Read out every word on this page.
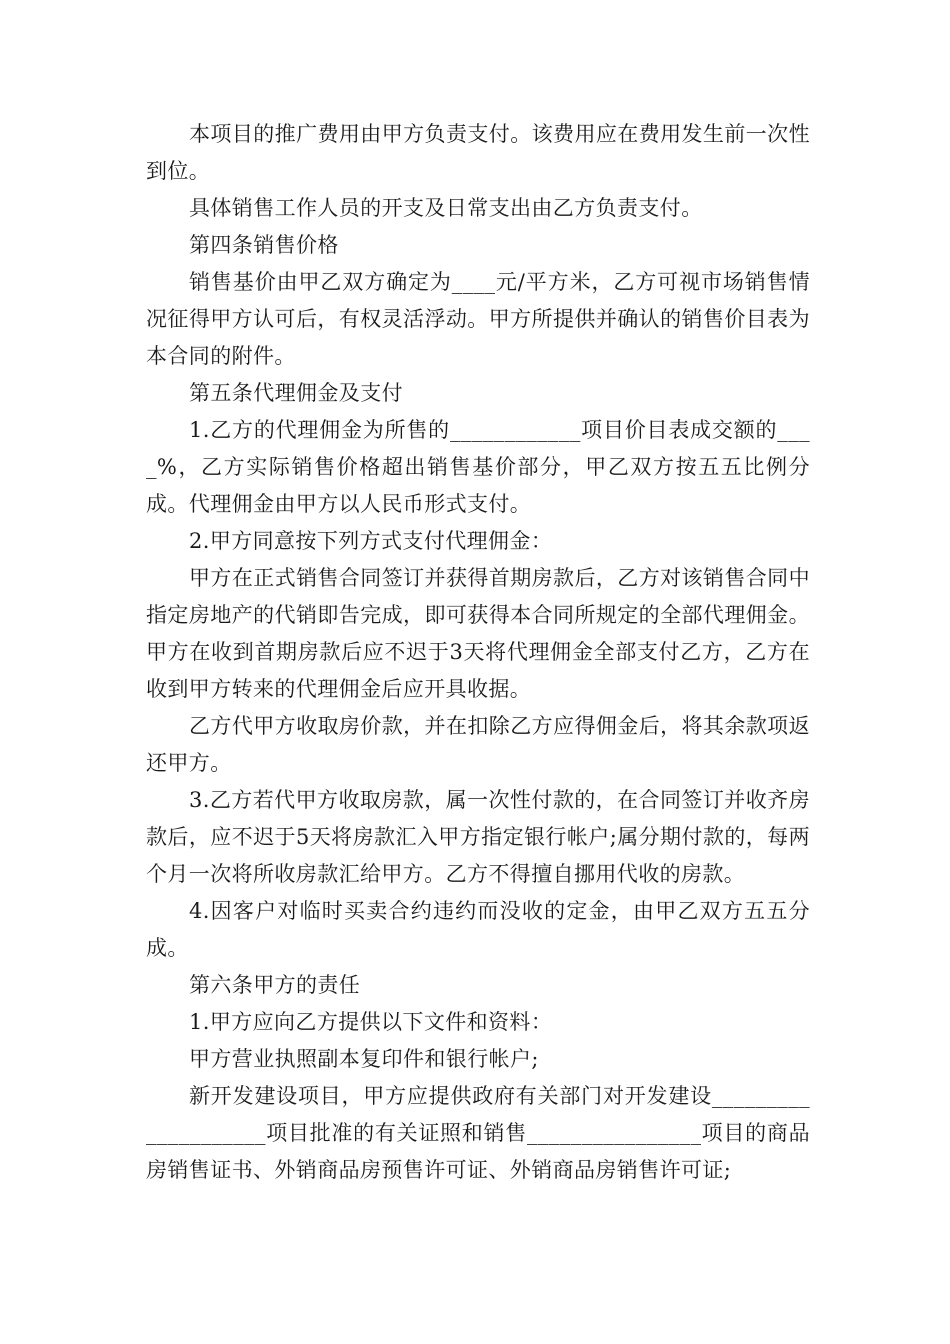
本项目的推广费用由甲方负责支付。该费用应在费用发生前一次性到位。

具体销售工作人员的开支及日常支出由乙方负责支付。

第四条销售价格

销售基价由甲乙双方确定为____元/平方米，乙方可视市场销售情况征得甲方认可后，有权灵活浮动。甲方所提供并确认的销售价目表为本合同的附件。

第五条代理佣金及支付

1.乙方的代理佣金为所售的____________项目价目表成交额的____%，乙方实际销售价格超出销售基价部分，甲乙双方按五五比例分成。代理佣金由甲方以人民币形式支付。

2.甲方同意按下列方式支付代理佣金：

甲方在正式销售合同签订并获得首期房款后，乙方对该销售合同中指定房地产的代销即告完成，即可获得本合同所规定的全部代理佣金。甲方在收到首期房款后应不迟于3天将代理佣金全部支付乙方，乙方在收到甲方转来的代理佣金后应开具收据。

乙方代甲方收取房价款，并在扣除乙方应得佣金后，将其余款项返还甲方。

3.乙方若代甲方收取房款，属一次性付款的，在合同签订并收齐房款后，应不迟于5天将房款汇入甲方指定银行帐户;属分期付款的，每两个月一次将所收房款汇给甲方。乙方不得擅自挪用代收的房款。

4.因客户对临时买卖合约违约而没收的定金，由甲乙双方五五分成。

第六条甲方的责任

1.甲方应向乙方提供以下文件和资料：

甲方营业执照副本复印件和银行帐户;

新开发建设项目，甲方应提供政府有关部门对开发建设____________________项目批准的有关证照和销售________________项目的商品房销售证书、外销商品房预售许可证、外销商品房销售许可证;
